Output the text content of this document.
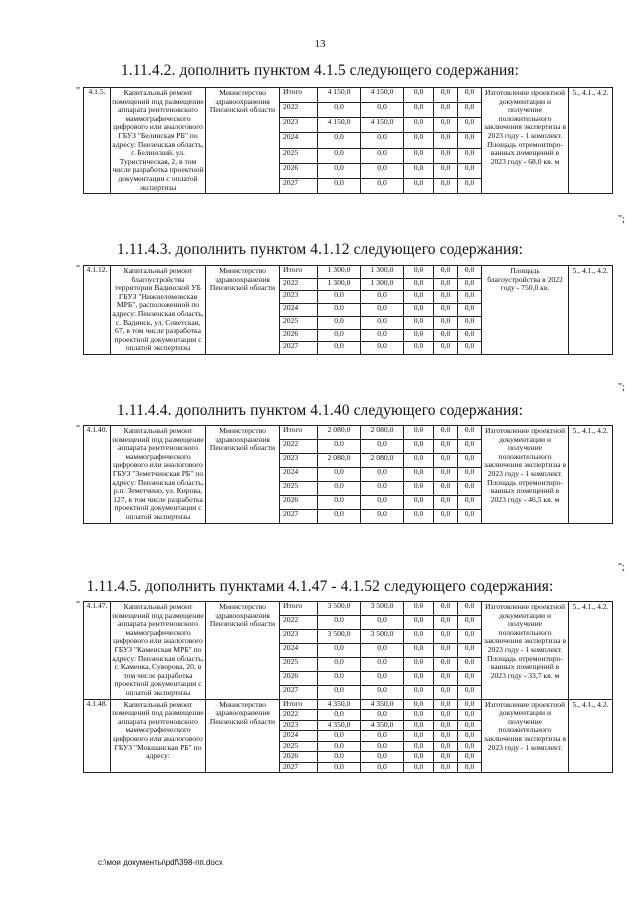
13
1.11.4.2. дополнить пунктом 4.1.5 следующего содержания:
" 4.1.5.	Капитальный ремонт помещений под размещение аппарата рентгеновского маммографического цифрового или аналогового ГБУЗ "Белинская РБ" по адресу: Пензенская область, г. Белинский, ул. Туристическая, 2, в том числе разработка проектной документации с оплатой экспертизы	Министерство здравоохранения Пензенской области	Итого	4 150,0	4 150,0	0,0	0,0	0,0	Изготовление проектной документации и получение положительного заключения экспертизы в 2023 году - 1 комплект. Площадь отремонтиро- ванных помещений в 2023 году - 68,0 кв. м	5., 4.1., 4.2.
			2022	0,0	0,0	0,0	0,0	0,0		
			2023	4 150,0	4 150,0	0,0	0,0	0,0		
			2024	0,0	0,0	0,0	0,0	0,0		
			2025	0,0	0,0	0,0	0,0	0,0		
			2026	0,0	0,0	0,0	0,0	0,0		
			2027	0,0	0,0	0,0	0,0	0,0		
";
1.11.4.3. дополнить пунктом 4.1.12 следующего содержания:
" 4.1.12.	Капитальный ремонт благоустройства территории Вадинской УБ ГБУЗ "Нижнеломовская МРБ", расположенной по адресу: Пензенская область, с. Вадинск, ул. Советская, 67, в том числе разработка проектной документации с оплатой экспертизы	Министерство здравоохранения Пензенской области	Итого	1 300,0	1 300,0	0,0	0,0	0,0	Площадь благоустройства в 2022 году - 750,0 кв.	5., 4.1., 4.2.
			2022	1 300,0	1 300,0	0,0	0,0	0,0		
			2023	0,0	0,0	0,0	0,0	0,0		
			2024	0,0	0,0	0,0	0,0	0,0		
			2025	0,0	0,0	0,0	0,0	0,0		
			2026	0,0	0,0	0,0	0,0	0,0		
			2027	0,0	0,0	0,0	0,0	0,0		
";
1.11.4.4. дополнить пунктом 4.1.40 следующего содержания:
" 4.1.40.	Капитальный ремонт помещений под размещение аппарата рентгеновского маммографического цифрового или аналогового ГБУЗ "Земетчинская РБ" по адресу: Пензенская область, р.п. Земетчино, ул. Кирова, 127, в том числе разработка проектной документации с оплатой экспертизы	Министерство здравоохранения Пензенской области	Итого	2 080,0	2 080,0	0,0	0,0	0,0	Изготовление проектной документации и получение положительного заключения экспертизы в 2023 году - 1 комплект. Площадь отремонтиро- ванных помещений в 2023 году - 46,5 кв. м	5., 4.1., 4.2.
			2022	0,0	0,0	0,0	0,0	0,0		
			2023	2 080,0	2 080,0	0,0	0,0	0,0		
			2024	0,0	0,0	0,0	0,0	0,0		
			2025	0,0	0,0	0,0	0,0	0,0		
			2026	0,0	0,0	0,0	0,0	0,0		
			2027	0,0	0,0	0,0	0,0	0,0		
";
1.11.4.5. дополнить пунктами 4.1.47 - 4.1.52 следующего содержания:
" 4.1.47.	Капитальный ремонт помещений под размещение аппарата рентгеновского маммографического цифрового или аналогового ГБУЗ "Каменская МРБ" по адресу: Пензенская область, г. Каменка, Суворова, 20, в том числе разработка проектной документации с оплатой экспертизы	Министерство здравоохранения Пензенской области	Итого	3 500,0	3 500,0	0,0	0,0	0,0	Изготовление проектной документации и получение положительного заключения экспертизы в 2023 году - 1 комплект. Площадь отремонтиро- ванных помещений в 2023 году - 33,7 кв. м	5., 4.1., 4.2.
			2022	0,0	0,0	0,0	0,0	0,0		
			2023	3 500,0	3 500,0	0,0	0,0	0,0		
			2024	0,0	0,0	0,0	0,0	0,0		
			2025	0,0	0,0	0,0	0,0	0,0		
			2026	0,0	0,0	0,0	0,0	0,0		
			2027	0,0	0,0	0,0	0,0	0,0		
4.1.48.	Капитальный ремонт помещений под размещение аппарата рентгеновского маммографического цифрового или аналогового ГБУЗ "Мокшанская РБ" по адресу:	Министерство здравоохранения Пензенской области	Итого	4 350,0	4 350,0	0,0	0,0	0,0	Изготовление проектной документации и получение положительного заключения экспертизы в 2023 году - 1 комплект.	5., 4.1., 4.2.
			2022	0,0	0,0	0,0	0,0	0,0		
			2023	4 350,0	4 350,0	0,0	0,0	0,0		
			2024	0,0	0,0	0,0	0,0	0,0		
			2025	0,0	0,0	0,0	0,0	0,0		
			2026	0,0	0,0	0,0	0,0	0,0		
			2027	0,0	0,0	0,0	0,0	0,0		
c:\мои документы\pdf\398-пп.docx
